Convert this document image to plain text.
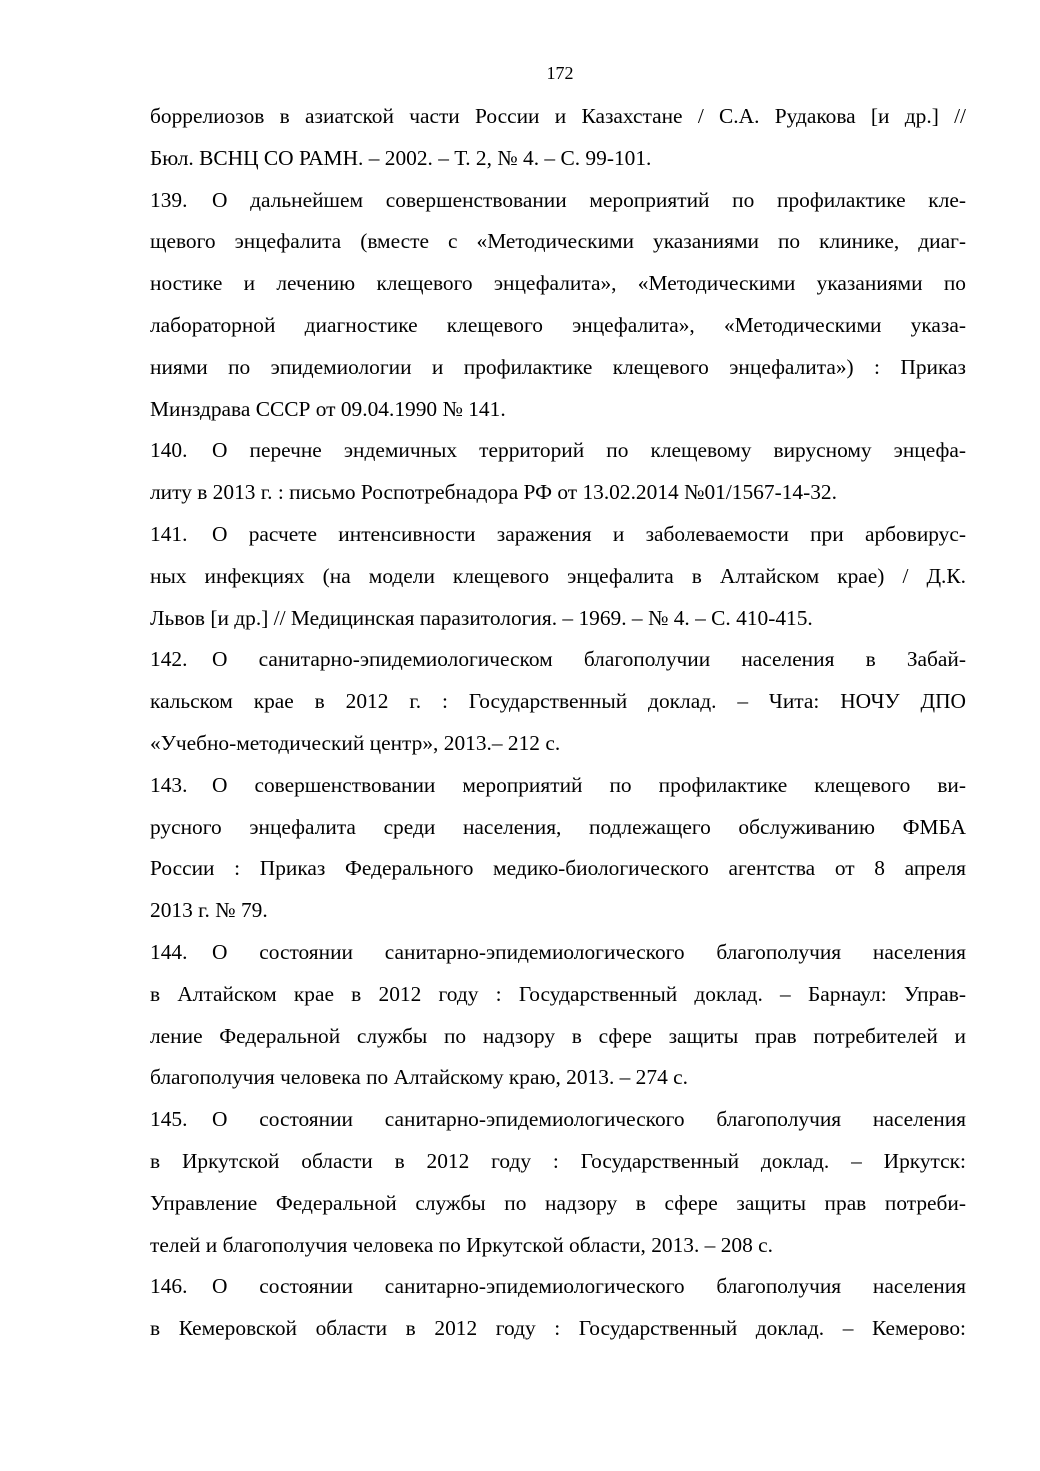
172
боррелиозов в азиатской части России и Казахстане / С.А. Рудакова [и др.] //
Бюл. ВСНЦ СО РАМН. – 2002. – Т. 2, № 4. – С. 99-101.
139. О дальнейшем совершенствовании мероприятий по профилактике кле-
щевого энцефалита (вместе с «Методическими указаниями по клинике, диаг-
ностике и лечению клещевого энцефалита», «Методическими указаниями по
лабораторной диагностике клещевого энцефалита», «Методическими указа-
ниями по эпидемиологии и профилактике клещевого энцефалита») : Приказ
Минздрава СССР от 09.04.1990 № 141.
140. О перечне эндемичных территорий по клещевому вирусному энцефа-
литу в 2013 г. : письмо Роспотребнадора РФ от 13.02.2014 №01/1567-14-32.
141. О расчете интенсивности заражения и заболеваемости при арбовирус-
ных инфекциях (на модели клещевого энцефалита в Алтайском крае) / Д.К.
Львов [и др.] // Медицинская паразитология. – 1969. – № 4. – С. 410-415.
142. О санитарно-эпидемиологическом благополучии населения в Забай-
кальском крае в 2012 г. : Государственный доклад. – Чита: НОЧУ ДПО
«Учебно-методический центр», 2013.– 212 с.
143. О совершенствовании мероприятий по профилактике клещевого ви-
русного энцефалита среди населения, подлежащего обслуживанию ФМБА
России : Приказ Федерального медико-биологического агентства от 8 апреля
2013 г. № 79.
144. О состоянии санитарно-эпидемиологического благополучия населения
в Алтайском крае в 2012 году : Государственный доклад. – Барнаул: Управ-
ление Федеральной службы по надзору в сфере защиты прав потребителей и
благополучия человека по Алтайскому краю, 2013. – 274 с.
145. О состоянии санитарно-эпидемиологического благополучия населения
в Иркутской области в 2012 году : Государственный доклад. – Иркутск:
Управление Федеральной службы по надзору в сфере защиты прав потреби-
телей и благополучия человека по Иркутской области, 2013. – 208 с.
146. О состоянии санитарно-эпидемиологического благополучия населения
в Кемеровской области в 2012 году : Государственный доклад. – Кемерово:
